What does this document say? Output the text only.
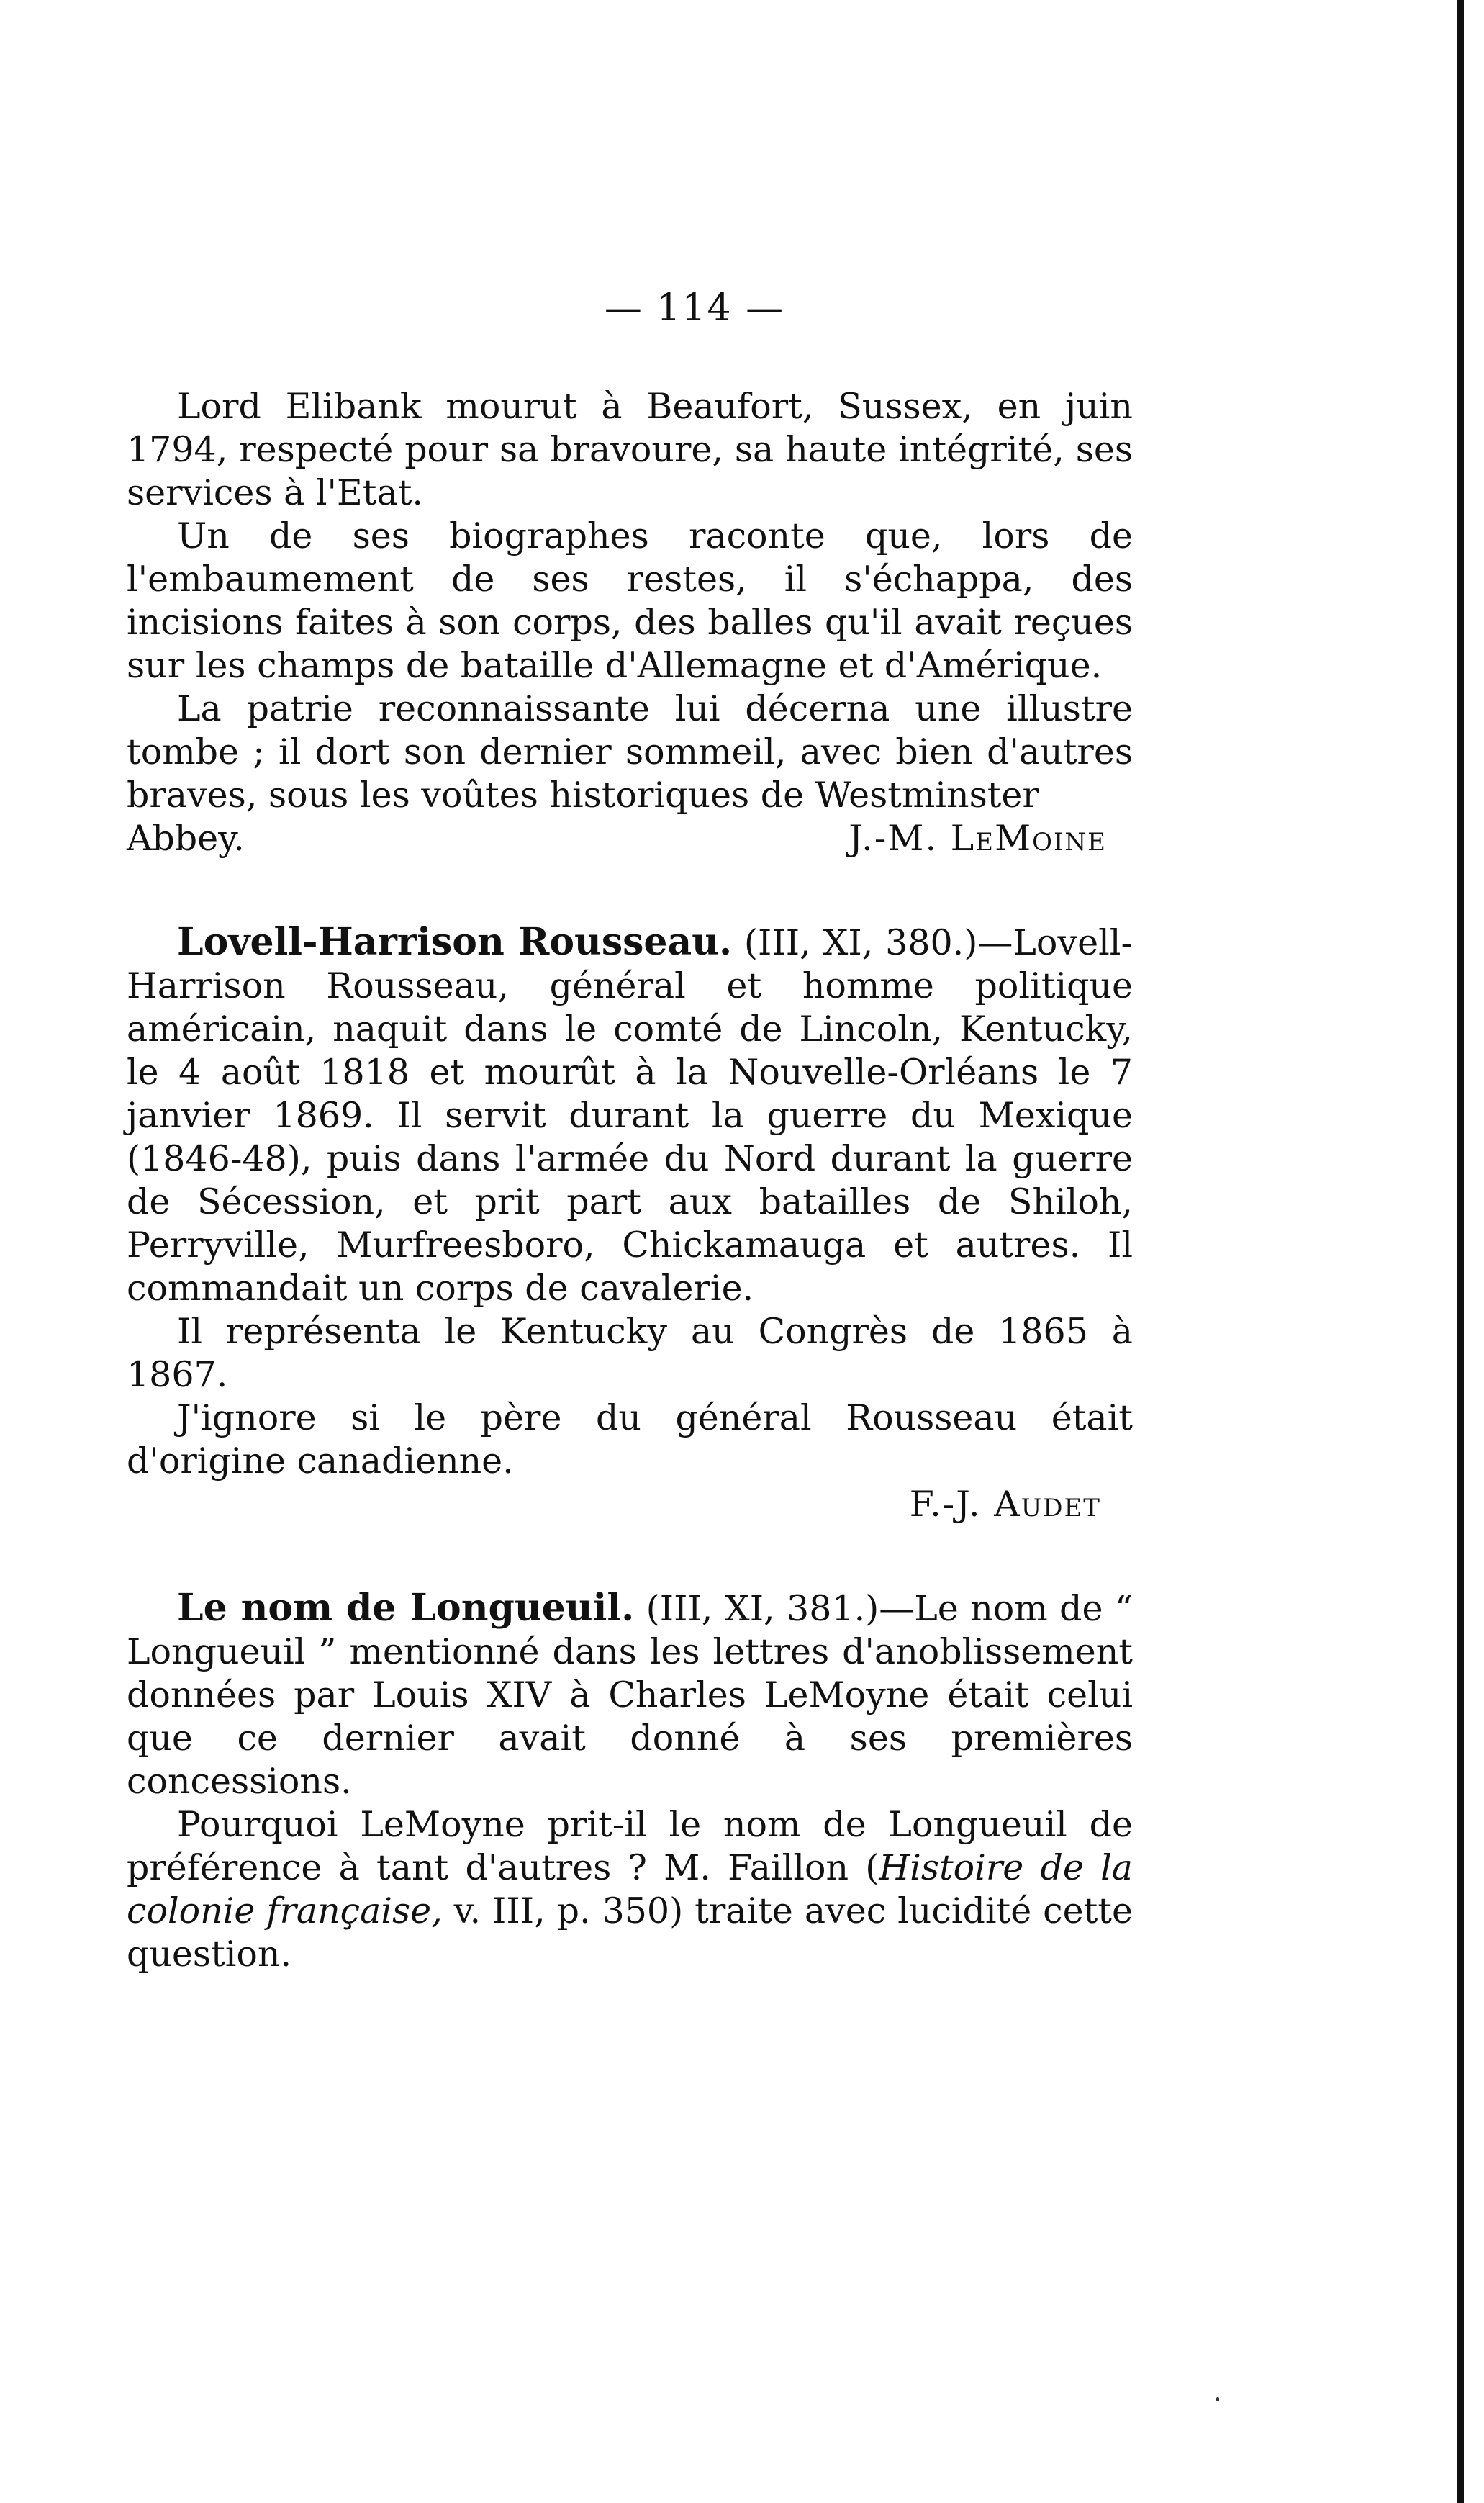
— 114 —

Lord Elibank mourut à Beaufort, Sussex, en juin 1794, respecté pour sa bravoure, sa haute intégrité, ses services à l'Etat.

Un de ses biographes raconte que, lors de l'embaumement de ses restes, il s'échappa, des incisions faites à son corps, des balles qu'il avait reçues sur les champs de bataille d'Allemagne et d'Amérique.

La patrie reconnaissante lui décerna une illustre tombe ; il dort son dernier sommeil, avec bien d'autres braves, sous les voûtes historiques de Westminster

Abbey.	J.-M. LeMoine

Lovell-Harrison Rousseau. (III, XI, 380.)—Lovell-Harrison Rousseau, général et homme politique américain, naquit dans le comté de Lincoln, Kentucky, le 4 août 1818 et mourût à la Nouvelle-Orléans le 7 janvier 1869. Il servit durant la guerre du Mexique (1846-48), puis dans l'armée du Nord durant la guerre de Sécession, et prit part aux batailles de Shiloh, Perryville, Murfreesboro, Chickamauga et autres. Il commandait un corps de cavalerie.

Il représenta le Kentucky au Congrès de 1865 à 1867.

J'ignore si le père du général Rousseau était d'origine canadienne.

F.-J. Audet

Le nom de Longueuil. (III, XI, 381.)—Le nom de “ Longueuil ” mentionné dans les lettres d'anoblissement données par Louis XIV à Charles LeMoyne était celui que ce dernier avait donné à ses premières concessions.

Pourquoi LeMoyne prit-il le nom de Longueuil de préférence à tant d'autres ? M. Faillon (Histoire de la colonie française, v. III, p. 350) traite avec lucidité cette question.
